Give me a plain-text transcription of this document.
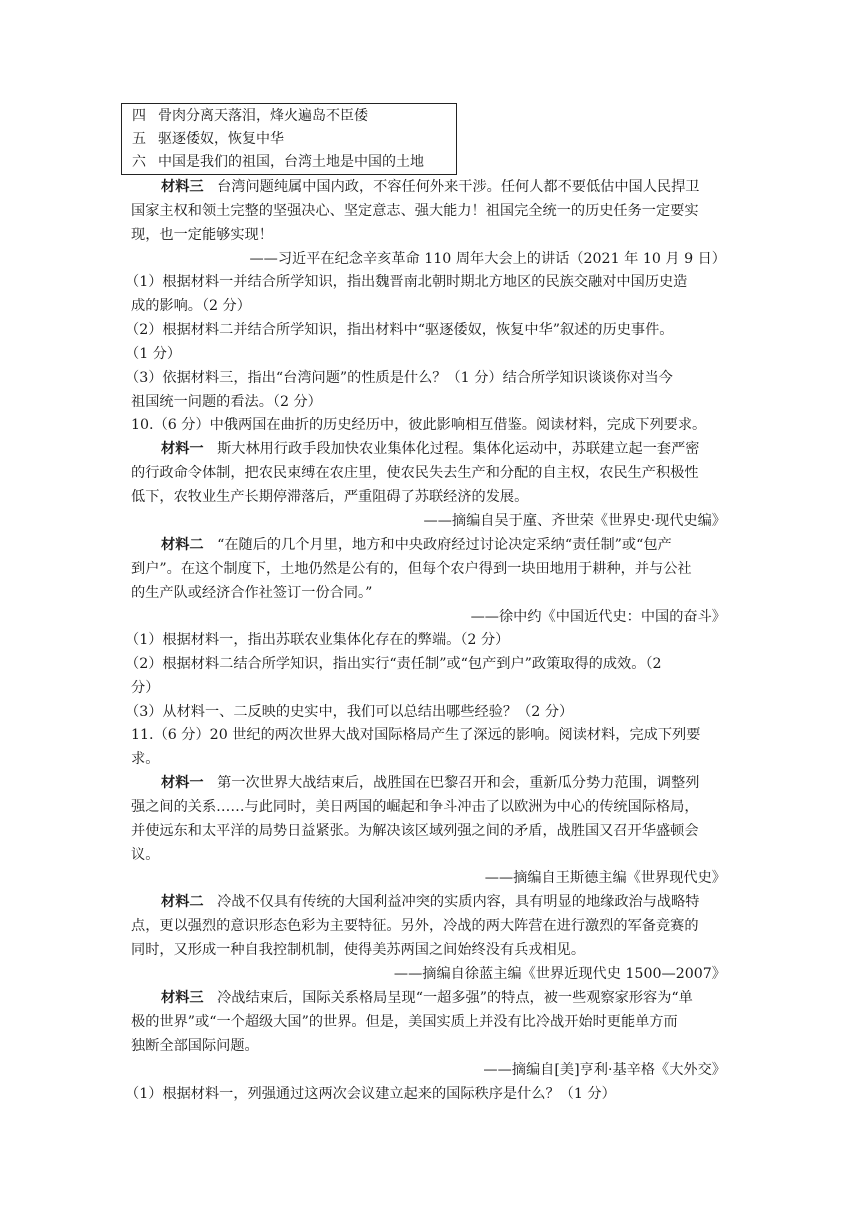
四 骨肉分离天落泪，烽火遍岛不臣倭
五 驱逐倭奴，恢复中华
六 中国是我们的祖国，台湾土地是中国的土地
材料三 台湾问题纯属中国内政，不容任何外来干涉。任何人都不要低估中国人民捍卫
国家主权和领土完整的坚强决心、坚定意志、强大能力！祖国完全统一的历史任务一定要实
现，也一定能够实现！
——习近平在纪念辛亥革命 110 周年大会上的讲话（2021 年 10 月 9 日）
（1）根据材料一并结合所学知识，指出魏晋南北朝时期北方地区的民族交融对中国历史造
成的影响。（2 分）
（2）根据材料二并结合所学知识，指出材料中“驱逐倭奴，恢复中华”叙述的历史事件。
（1 分）
（3）依据材料三，指出“台湾问题”的性质是什么？（1 分）结合所学知识谈谈你对当今
祖国统一问题的看法。（2 分）
10.（6 分）中俄两国在曲折的历史经历中，彼此影响相互借鉴。阅读材料，完成下列要求。
材料一 斯大林用行政手段加快农业集体化过程。集体化运动中，苏联建立起一套严密
的行政命令体制，把农民束缚在农庄里，使农民失去生产和分配的自主权，农民生产积极性
低下，农牧业生产长期停滞落后，严重阻碍了苏联经济的发展。
——摘编自吴于廑、齐世荣《世界史·现代史编》
材料二 “在随后的几个月里，地方和中央政府经过讨论决定采纳“责任制”或“包产
到户”。在这个制度下，土地仍然是公有的，但每个农户得到一块田地用于耕种，并与公社
的生产队或经济合作社签订一份合同。”
——徐中约《中国近代史：中国的奋斗》
（1）根据材料一，指出苏联农业集体化存在的弊端。（2 分）
（2）根据材料二结合所学知识，指出实行“责任制”或“包产到户”政策取得的成效。（2
分）
（3）从材料一、二反映的史实中，我们可以总结出哪些经验？（2 分）
11.（6 分）20 世纪的两次世界大战对国际格局产生了深远的影响。阅读材料，完成下列要
求。
材料一 第一次世界大战结束后，战胜国在巴黎召开和会，重新瓜分势力范围，调整列
强之间的关系……与此同时，美日两国的崛起和争斗冲击了以欧洲为中心的传统国际格局，
并使远东和太平洋的局势日益紧张。为解决该区域列强之间的矛盾，战胜国又召开华盛顿会
议。
——摘编自王斯德主编《世界现代史》
材料二 冷战不仅具有传统的大国利益冲突的实质内容，具有明显的地缘政治与战略特
点，更以强烈的意识形态色彩为主要特征。另外，冷战的两大阵营在进行激烈的军备竞赛的
同时，又形成一种自我控制机制，使得美苏两国之间始终没有兵戎相见。
——摘编自徐蓝主编《世界近现代史 1500—2007》
材料三 冷战结束后，国际关系格局呈现“一超多强”的特点，被一些观察家形容为“单
极的世界”或“一个超级大国”的世界。但是，美国实质上并没有比冷战开始时更能单方而
独断全部国际问题。
——摘编自[美]亨利·基辛格《大外交》
（1）根据材料一，列强通过这两次会议建立起来的国际秩序是什么？（1 分）
